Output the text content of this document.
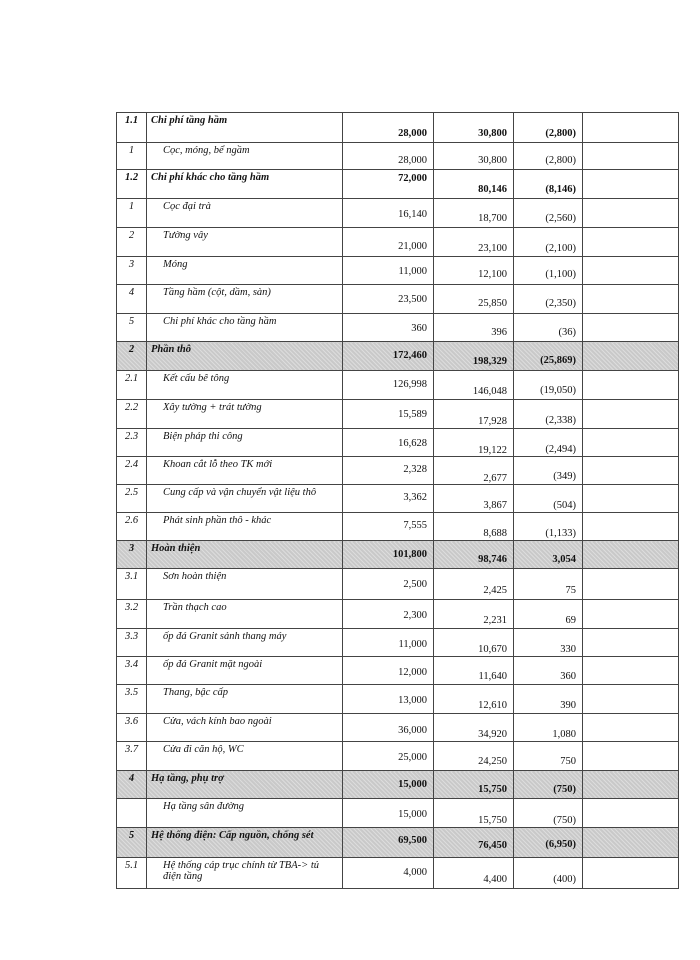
1.1	Chi phí tầng hầm	28,000	30,800	(2,800)	

1	Cọc, móng, bể ngầm	28,000	30,800	(2,800)	

1.2	Chi phí khác cho tầng hầm	72,000	80,146	(8,146)	

1	Cọc đại trà	16,140	18,700	(2,560)	

2	Tường vây	21,000	23,100	(2,100)	

3	Móng	11,000	12,100	(1,100)	

4	Tầng hầm (cột, dầm, sàn)	23,500	25,850	(2,350)	

5	Chi phí khác cho tầng hầm	360	396	(36)	

2	Phần thô	172,460	198,329	(25,869)	

2.1	Kết cấu bê tông	126,998	146,048	(19,050)	

2.2	Xây tường + trát tường	15,589	17,928	(2,338)	

2.3	Biện pháp thi công	16,628	19,122	(2,494)	

2.4	Khoan cắt lỗ theo TK mới	2,328	2,677	(349)	

2.5	Cung cấp và vận chuyển vật liệu thô	3,362	3,867	(504)	

2.6	Phát sinh phần thô - khác	7,555	8,688	(1,133)	

3	Hoàn thiện	101,800	98,746	3,054	

3.1	Sơn hoàn thiện	2,500	2,425	75	

3.2	Trần thạch cao	2,300	2,231	69	

3.3	ốp đá Granit sảnh thang máy	11,000	10,670	330	

3.4	ốp đá Granit mặt ngoài	12,000	11,640	360	

3.5	Thang, bậc cấp	13,000	12,610	390	

3.6	Cửa, vách kính bao ngoài	36,000	34,920	1,080	

3.7	Cửa đi căn hộ, WC	25,000	24,250	750	

4	Hạ tầng, phụ trợ	15,000	15,750	(750)	

	Hạ tầng sân đường	15,000	15,750	(750)	

5	Hệ thống điện: Cấp nguồn, chống sét	69,500	76,450	(6,950)	

5.1	Hệ thống cáp trục chính từ TBA-> tủ điện tầng	4,000	4,400	(400)	
